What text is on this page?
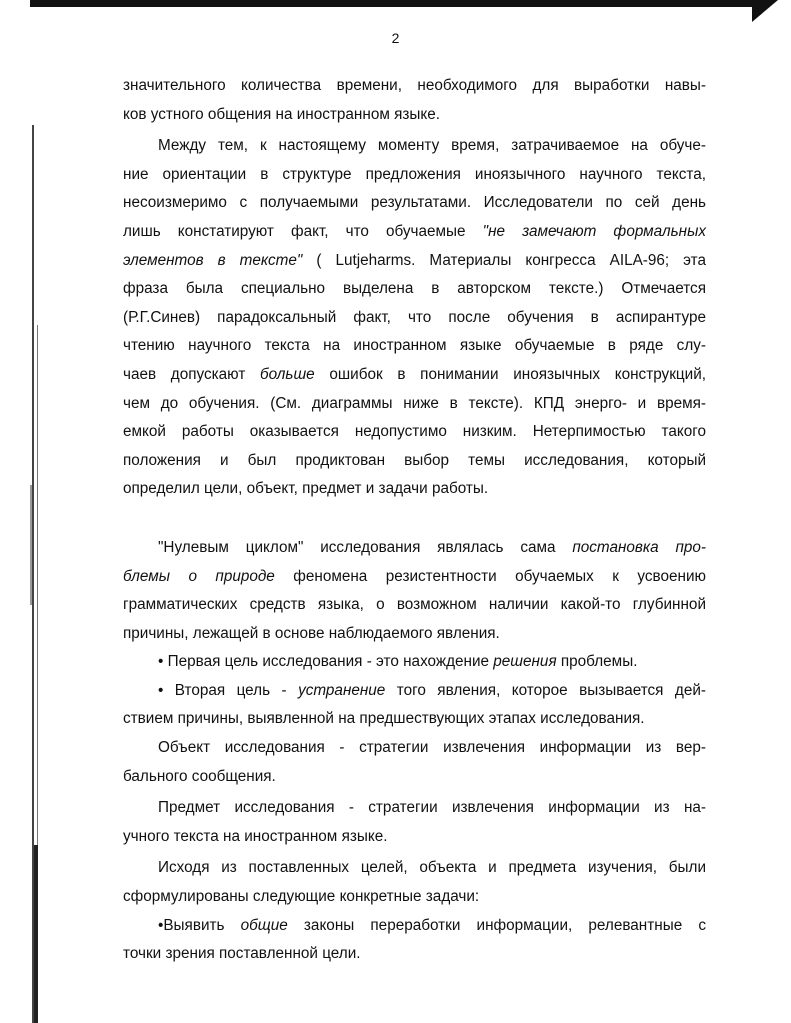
2

значительного количества времени, необходимого для выработки навы-

ков устного общения на иностранном языке.

Между тем, к настоящему моменту время, затрачиваемое на обуче-

ние ориентации в структуре предложения иноязычного научного текста,

несоизмеримо с получаемыми результатами. Исследователи по сей день

лишь констатируют факт, что обучаемые "не замечают формальных

элементов в тексте" ( Lutjeharms. Материалы конгресса AILA-96; эта

фраза была специально выделена в авторском тексте.) Отмечается

(Р.Г.Синев) парадоксальный факт, что после обучения в аспирантуре

чтению научного текста на иностранном языке обучаемые в ряде слу-

чаев допускают больше ошибок в понимании иноязычных конструкций,

чем до обучения. (См. диаграммы ниже в тексте). КПД энерго- и время-

емкой работы оказывается недопустимо низким. Нетерпимостью такого

положения и был продиктован выбор темы исследования, который

определил цели, объект, предмет и задачи работы.

"Нулевым циклом" исследования являлась сама постановка про-

блемы о природе феномена резистентности обучаемых к усвоению

грамматических средств языка, о возможном наличии какой-то глубинной

причины, лежащей в основе наблюдаемого явления.

• Первая цель исследования - это нахождение решения проблемы.

• Вторая цель - устранение того явления, которое вызывается дей-

ствием причины, выявленной на предшествующих этапах исследования.

Объект исследования - стратегии извлечения информации из вер-

бального сообщения.

Предмет исследования - стратегии извлечения информации из на-

учного текста на иностранном языке.

Исходя из поставленных целей, объекта и предмета изучения, были

сформулированы следующие конкретные задачи:

•Выявить общие законы переработки информации, релевантные с

точки зрения поставленной цели.
